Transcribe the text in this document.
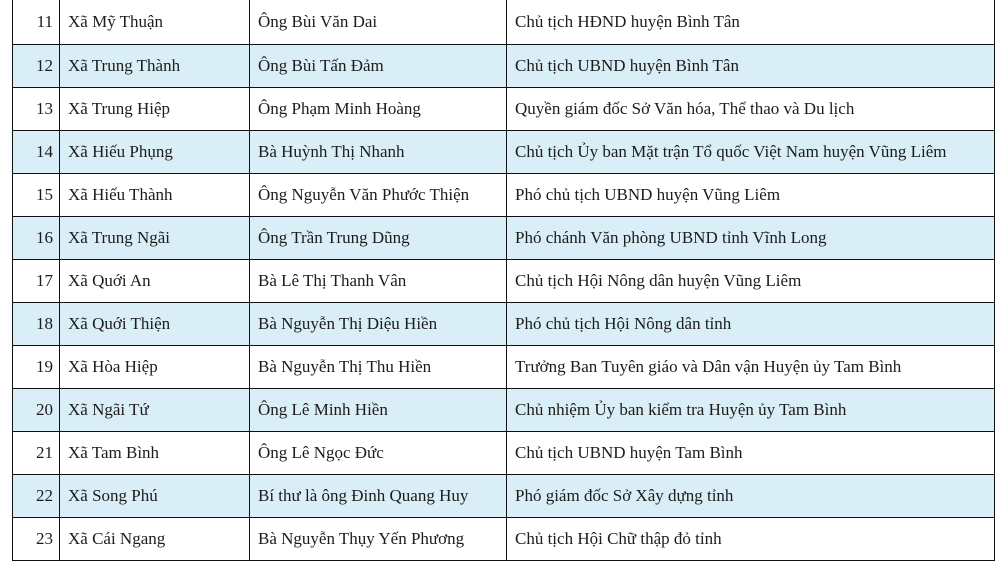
11	Xã Mỹ Thuận	Ông Bùi Văn Dai	Chủ tịch HĐND huyện Bình Tân
12	Xã Trung Thành	Ông Bùi Tấn Đảm	Chủ tịch UBND huyện Bình Tân
13	Xã Trung Hiệp	Ông Phạm Minh Hoàng	Quyền giám đốc Sở Văn hóa, Thể thao và Du lịch
14	Xã Hiếu Phụng	Bà Huỳnh Thị Nhanh	Chủ tịch Ủy ban Mặt trận Tổ quốc Việt Nam huyện Vũng Liêm
15	Xã Hiếu Thành	Ông Nguyễn Văn Phước Thiện	Phó chủ tịch UBND huyện Vũng Liêm
16	Xã Trung Ngãi	Ông Trần Trung Dũng	Phó chánh Văn phòng UBND tỉnh Vĩnh Long
17	Xã Quới An	Bà Lê Thị Thanh Vân	Chủ tịch Hội Nông dân huyện Vũng Liêm
18	Xã Quới Thiện	Bà Nguyễn Thị Diệu Hiền	Phó chủ tịch Hội Nông dân tỉnh
19	Xã Hòa Hiệp	Bà Nguyễn Thị Thu Hiền	Trưởng Ban Tuyên giáo và Dân vận Huyện ủy Tam Bình
20	Xã Ngãi Tứ	Ông Lê Minh Hiền	Chủ nhiệm Ủy ban kiểm tra Huyện ủy Tam Bình
21	Xã Tam Bình	Ông Lê Ngọc Đức	Chủ tịch UBND huyện Tam Bình
22	Xã Song Phú	Bí thư là ông Đinh Quang Huy	Phó giám đốc Sở Xây dựng tỉnh
23	Xã Cái Ngang	Bà Nguyễn Thụy Yến Phương	Chủ tịch Hội Chữ thập đỏ tỉnh
